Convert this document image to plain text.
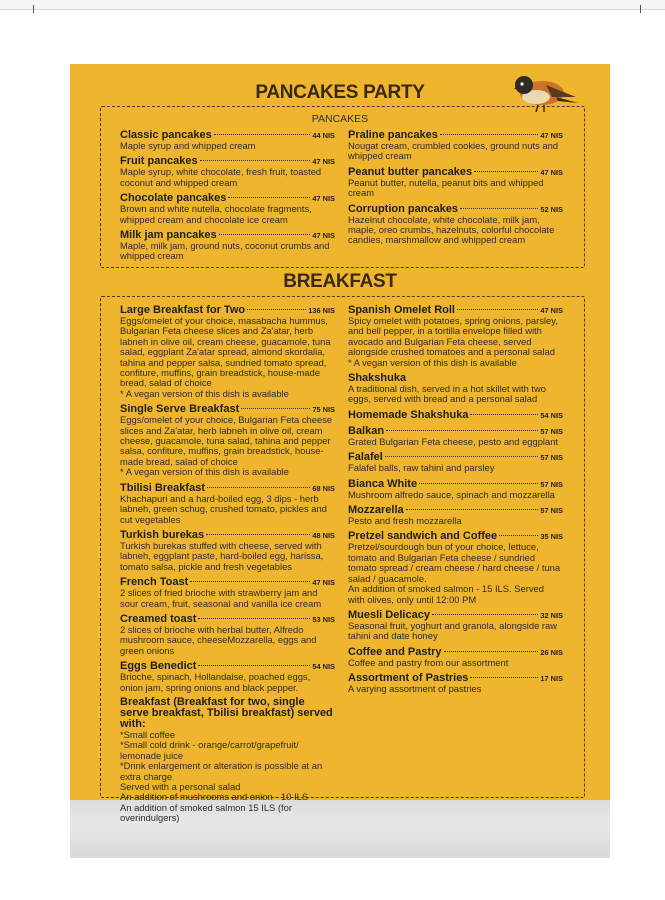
PANCAKES PARTY
PANCAKES
Classic pancakes	44 NIS
Maple syrup and whipped cream
Fruit pancakes	47 NIS
Maple syrup, white chocolate, fresh fruit, toasted coconut and whipped cream
Chocolate pancakes	47 NIS
Brown and white nutella, chocolate fragments, whipped cream and chocolate ice cream
Milk jam pancakes	47 NIS
Maple, milk jam, ground nuts, coconut crumbs and whipped cream
Praline pancakes	47 NIS
Nougat cream, crumbled cookies, ground nuts and whipped cream
Peanut butter pancakes	47 NIS
Peanut butter, nutella, peanut bits and whipped cream
Corruption pancakes	52 NIS
Hazelnut chocolate, white chocolate, milk jam, maple, oreo crumbs, hazelnuts, colorful chocolate candies, marshmallow and whipped cream
BREAKFAST
Large Breakfast for Two	136 NIS
Eggs/omelet of your choice, masabacha hummus, Bulgarian Feta cheese slices and Za'atar, herb labneh in olive oil, cream cheese, guacamole, tuna salad, eggplant Za'atar spread, almond skordalia, tahina and pepper salsa, sundried tomato spread, confiture, muffins, grain breadstick, house-made bread, salad of choice
* A vegan version of this dish is available
Single Serve Breakfast	75 NIS
Eggs/omelet of your choice, Bulgarian Feta cheese slices and Za'atar, herb labneh in olive oil, cream cheese, guacamole, tuna salad, tahina and pepper salsa, confiture, muffins, grain breadstick, house-made bread, salad of choice
* A vegan version of this dish is available
Tbilisi Breakfast	68 NIS
Khachapuri and a hard-boiled egg, 3 dips - herb labneh, green schug, crushed tomato, pickles and cut vegetables
Turkish burekas	48 NIS
Turkish burekas stuffed with cheese, served with labneh, eggplant paste, hard-boiled egg, harissa, tomato salsa, pickle and fresh vegetables
French Toast	47 NIS
2 slices of fried brioche with strawberry jam and sour cream, fruit, seasonal and vanilla ice cream
Creamed toast	53 NIS
2 slices of brioche with herbal butter, Alfredo mushroom sauce, cheeseMozzarella, eggs and green onions
Eggs Benedict	54 NIS
Brioche, spinach, Hollandaise, poached eggs, onion jam, spring onions and black pepper.
Breakfast (Breakfast for two, single serve breakfast, Tbilisi breakfast) served with:
*Small coffee
*Small cold drink - orange/carrot/grapefruit/ lemonade juice
*Drink enlargement or alteration is possible at an extra charge
Served with a personal salad
An addition of mushrooms and onion - 10 ILS
An addition of smoked salmon 15 ILS (for overindulgers)
Spanish Omelet Roll	47 NIS
Spicy omelet with potatoes, spring onions, parsley, and bell pepper, in a tortilla envelope filled with avocado and Bulgarian Feta cheese, served alongside crushed tomatoes and a personal salad
* A vegan version of this dish is available
Shakshuka
A traditional dish, served in a hot skillet with two eggs, served with bread and a personal salad
Homemade Shakshuka	54 NIS
Balkan	57 NIS
Grated Bulgarian Feta cheese, pesto and eggplant
Falafel	57 NIS
Falafel balls, raw tahini and parsley
Bianca White	57 NIS
Mushroom alfredo sauce, spinach and mozzarella
Mozzarella	57 NIS
Pesto and fresh mozzarella
Pretzel sandwich and Coffee	35 NIS
Pretzel/sourdough bun of your choice, lettuce, tomato and Bulgarian Feta cheese / sundried tomato spread / cream cheese / hard cheese / tuna salad / guacamole.
An addition of smoked salmon - 15 ILS. Served with olives, only until 12:00 PM
Muesli Delicacy	32 NIS
Seasonal fruit, yoghurt and granola, alongside raw tahini and date honey
Coffee and Pastry	26 NIS
Coffee and pastry from our assortment
Assortment of Pastries	17 NIS
A varying assortment of pastries
